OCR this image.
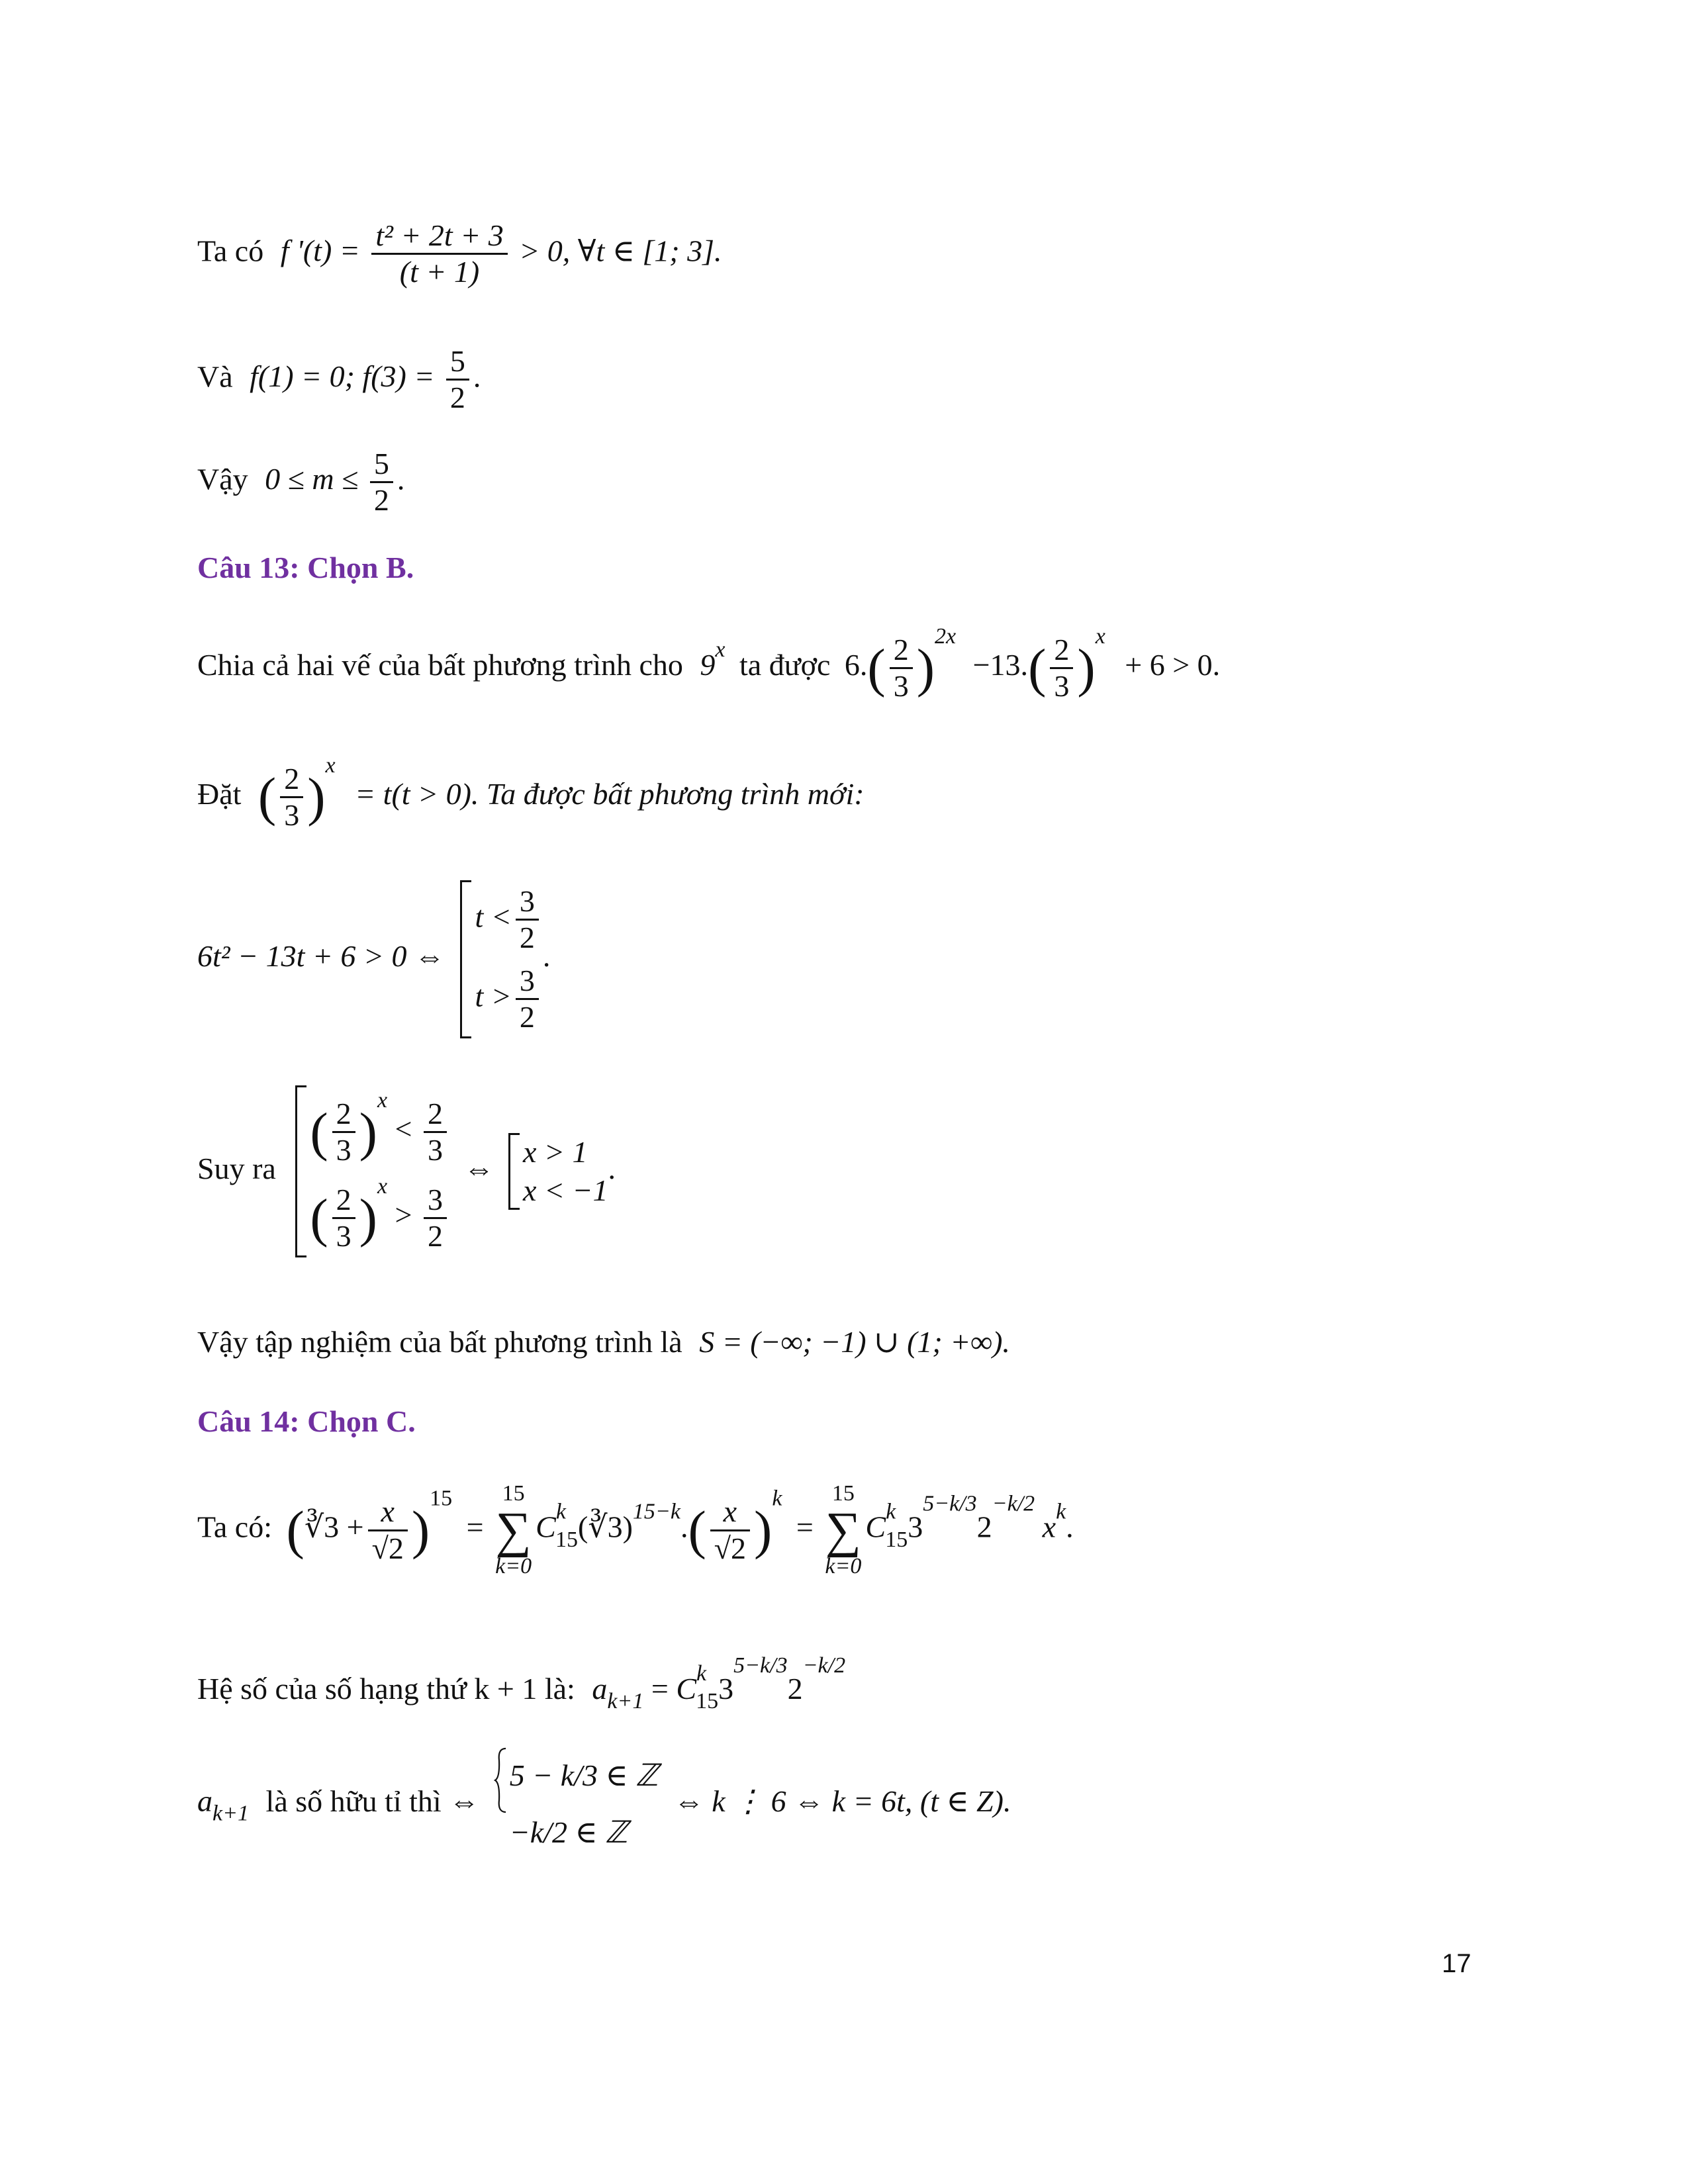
Ta có f '$(t) = \frac{\text{t² + 2t + 3}}{(t + 1)} > 0$, ∀t ∈ [1; 3].
Và f(1) = 0; $f(3) = \frac{5}{2}$ .
Vậy $0 \le m \le \frac{5}{2}$ .
Câu 13: Chọn B.
Chia cả hai vế của bất phương trình cho 9$^x$ ta được $6.( \frac{2}{3} )^{2x} -13.( \frac{2}{3} )^x + 6 > 0$.
Đặt ( $\frac{2}{3} )^x = t(t > 0)$. Ta được bất phương trình mới:
6t² − 13t + 6 > 0 ⇔
$t < \frac{3}{2}$
$t > \frac{3}{2}$
.
Suy ra
( $\frac{2}{3} )^x < \frac{2}{3}$
( $\frac{2}{3} )^x > \frac{3}{2}$
⇔ x > 1
x < −1
.
Vậy tập nghiệm của bất phương trình là S = (−∞; −1) ∪ (1; +∞).
Câu 14: Chọn C.
Ta có: (∛3 + $\frac{x}{√2} )^{15}$ =
15
∑
k=0
$C^k_{15}(∛3)^{15-k}.( \frac{x}{√2} )^k$ =
15
∑
k=0
$C^k_{15}3^{5-k/3}2^{-k/2}$ $x^k$.
Hệ số của số hạng thứ k + 1 là: $a_{k+1} = C^k_{15}3^{5-k/3}2^{-k/2}$
$a_{k+1}$ là số hữu tỉ thì ⇔
5 − k/3 ∈ ℤ
−k/2 ∈ ℤ
⇔ k ⋮ 6 ⇔ k = 6t, (t ∈ Z).
17
